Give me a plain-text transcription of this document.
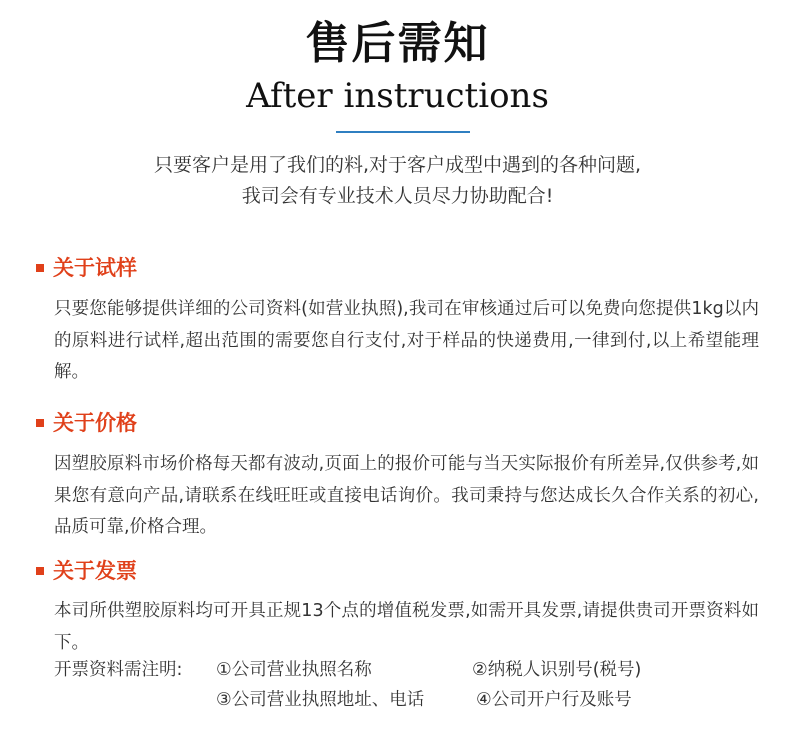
售后需知
After instructions
只要客户是用了我们的料,对于客户成型中遇到的各种问题,
我司会有专业技术人员尽力协助配合!
关于试样
只要您能够提供详细的公司资料(如营业执照),我司在审核通过后可以免费向您提供1kg以内的原料进行试样,超出范围的需要您自行支付,对于样品的快递费用,一律到付,以上希望能理解。
关于价格
因塑胶原料市场价格每天都有波动,页面上的报价可能与当天实际报价有所差异,仅供参考,如果您有意向产品,请联系在线旺旺或直接电话询价。我司秉持与您达成长久合作关系的初心,品质可靠,价格合理。
关于发票
本司所供塑胶原料均可开具正规13个点的增值税发票,如需开具发票,请提供贵司开票资料如下。
开票资料需注明: ①公司营业执照名称	②纳税人识别号(税号)
③公司营业执照地址、电话	④公司开户行及账号
